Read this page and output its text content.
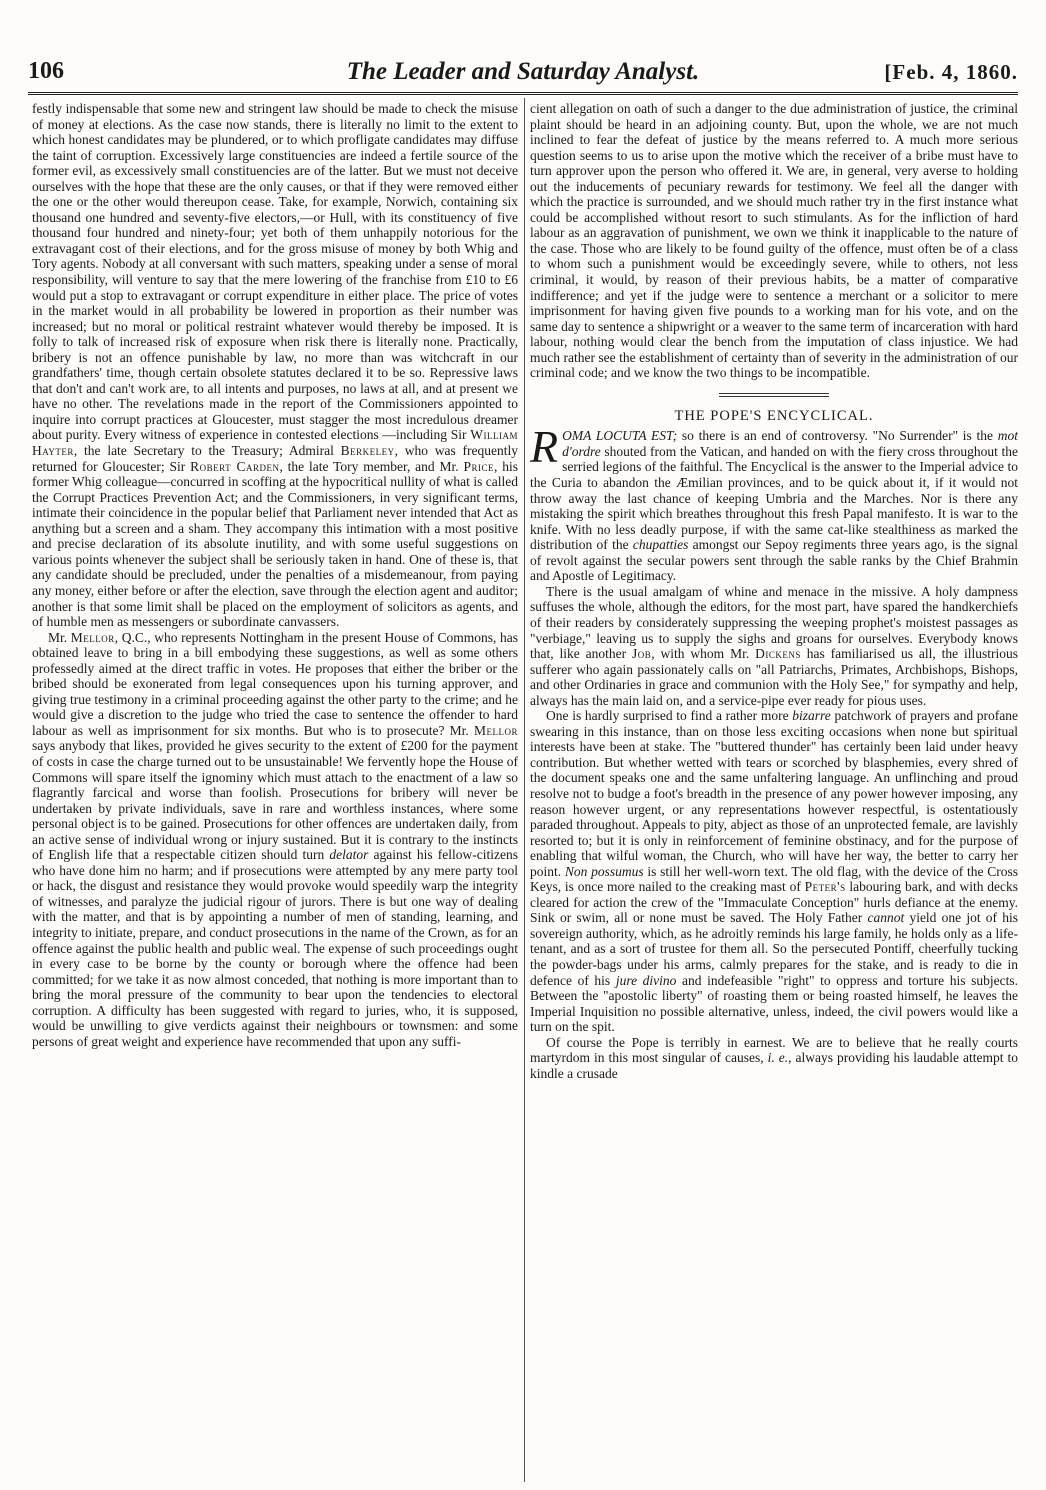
106	The Leader and Saturday Analyst.	[Feb. 4, 1860.

festly indispensable that some new and stringent law should be made to check the misuse of money at elections. As the case now stands, there is literally no limit to the extent to which honest candidates may be plundered, or to which profligate candidates may diffuse the taint of corruption. Excessively large constituencies are indeed a fertile source of the former evil, as excessively small constituencies are of the latter. But we must not deceive ourselves with the hope that these are the only causes, or that if they were removed either the one or the other would thereupon cease. Take, for example, Norwich, containing six thousand one hundred and seventy-five electors,—or Hull, with its constituency of five thousand four hundred and ninety-four; yet both of them unhappily notorious for the extravagant cost of their elections, and for the gross misuse of money by both Whig and Tory agents. Nobody at all conversant with such matters, speaking under a sense of moral responsibility, will venture to say that the mere lowering of the franchise from £10 to £6 would put a stop to extravagant or corrupt expenditure in either place. The price of votes in the market would in all probability be lowered in proportion as their number was increased; but no moral or political restraint whatever would thereby be imposed. It is folly to talk of increased risk of exposure when risk there is literally none. Practically, bribery is not an offence punishable by law, no more than was witchcraft in our grandfathers' time, though certain obsolete statutes declared it to be so. Repressive laws that don't and can't work are, to all intents and purposes, no laws at all, and at present we have no other. The revelations made in the report of the Commissioners appointed to inquire into corrupt practices at Gloucester, must stagger the most incredulous dreamer about purity. Every witness of experience in contested elections —including Sir William Hayter, the late Secretary to the Treasury; Admiral Berkeley, who was frequently returned for Gloucester; Sir Robert Carden, the late Tory member, and Mr. Price, his former Whig colleague—concurred in scoffing at the hypocritical nullity of what is called the Corrupt Practices Prevention Act; and the Commissioners, in very significant terms, intimate their coincidence in the popular belief that Parliament never intended that Act as anything but a screen and a sham. They accompany this intimation with a most positive and precise declaration of its absolute inutility, and with some useful suggestions on various points whenever the subject shall be seriously taken in hand. One of these is, that any candidate should be precluded, under the penalties of a misdemeanour, from paying any money, either before or after the election, save through the election agent and auditor; another is that some limit shall be placed on the employment of solicitors as agents, and of humble men as messengers or subordinate canvassers.

Mr. Mellor, Q.C., who represents Nottingham in the present House of Commons, has obtained leave to bring in a bill embodying these suggestions, as well as some others professedly aimed at the direct traffic in votes. He proposes that either the briber or the bribed should be exonerated from legal consequences upon his turning approver, and giving true testimony in a criminal proceeding against the other party to the crime; and he would give a discretion to the judge who tried the case to sentence the offender to hard labour as well as imprisonment for six months. But who is to prosecute? Mr. Mellor says anybody that likes, provided he gives security to the extent of £200 for the payment of costs in case the charge turned out to be unsustainable! We fervently hope the House of Commons will spare itself the ignominy which must attach to the enactment of a law so flagrantly farcical and worse than foolish. Prosecutions for bribery will never be undertaken by private individuals, save in rare and worthless instances, where some personal object is to be gained. Prosecutions for other offences are undertaken daily, from an active sense of individual wrong or injury sustained. But it is contrary to the instincts of English life that a respectable citizen should turn delator against his fellow-citizens who have done him no harm; and if prosecutions were attempted by any mere party tool or hack, the disgust and resistance they would provoke would speedily warp the integrity of witnesses, and paralyze the judicial rigour of jurors. There is but one way of dealing with the matter, and that is by appointing a number of men of standing, learning, and integrity to initiate, prepare, and conduct prosecutions in the name of the Crown, as for an offence against the public health and public weal. The expense of such proceedings ought in every case to be borne by the county or borough where the offence had been committed; for we take it as now almost conceded, that nothing is more important than to bring the moral pressure of the community to bear upon the tendencies to electoral corruption. A difficulty has been suggested with regard to juries, who, it is supposed, would be unwilling to give verdicts against their neighbours or townsmen: and some persons of great weight and experience have recommended that upon any suffi-

cient allegation on oath of such a danger to the due administration of justice, the criminal plaint should be heard in an adjoining county. But, upon the whole, we are not much inclined to fear the defeat of justice by the means referred to. A much more serious question seems to us to arise upon the motive which the receiver of a bribe must have to turn approver upon the person who offered it. We are, in general, very averse to holding out the inducements of pecuniary rewards for testimony. We feel all the danger with which the practice is surrounded, and we should much rather try in the first instance what could be accomplished without resort to such stimulants. As for the infliction of hard labour as an aggravation of punishment, we own we think it inapplicable to the nature of the case. Those who are likely to be found guilty of the offence, must often be of a class to whom such a punishment would be exceedingly severe, while to others, not less criminal, it would, by reason of their previous habits, be a matter of comparative indifference; and yet if the judge were to sentence a merchant or a solicitor to mere imprisonment for having given five pounds to a working man for his vote, and on the same day to sentence a shipwright or a weaver to the same term of incarceration with hard labour, nothing would clear the bench from the imputation of class injustice. We had much rather see the establishment of certainty than of severity in the administration of our criminal code; and we know the two things to be incompatible.

THE POPE'S ENCYCLICAL.

ROMA LOCUTA EST; so there is an end of controversy. "No Surrender" is the mot d'ordre shouted from the Vatican, and handed on with the fiery cross throughout the serried legions of the faithful. The Encyclical is the answer to the Imperial advice to the Curia to abandon the Æmilian provinces, and to be quick about it, if it would not throw away the last chance of keeping Umbria and the Marches. Nor is there any mistaking the spirit which breathes throughout this fresh Papal manifesto. It is war to the knife. With no less deadly purpose, if with the same cat-like stealthiness as marked the distribution of the chupatties amongst our Sepoy regiments three years ago, is the signal of revolt against the secular powers sent through the sable ranks by the Chief Brahmin and Apostle of Legitimacy.

There is the usual amalgam of whine and menace in the missive. A holy dampness suffuses the whole, although the editors, for the most part, have spared the handkerchiefs of their readers by considerately suppressing the weeping prophet's moistest passages as "verbiage," leaving us to supply the sighs and groans for ourselves. Everybody knows that, like another Job, with whom Mr. Dickens has familiarised us all, the illustrious sufferer who again passionately calls on "all Patriarchs, Primates, Archbishops, Bishops, and other Ordinaries in grace and communion with the Holy See," for sympathy and help, always has the main laid on, and a service-pipe ever ready for pious uses.

One is hardly surprised to find a rather more bizarre patchwork of prayers and profane swearing in this instance, than on those less exciting occasions when none but spiritual interests have been at stake. The "buttered thunder" has certainly been laid under heavy contribution. But whether wetted with tears or scorched by blasphemies, every shred of the document speaks one and the same unfaltering language. An unflinching and proud resolve not to budge a foot's breadth in the presence of any power however imposing, any reason however urgent, or any representations however respectful, is ostentatiously paraded throughout. Appeals to pity, abject as those of an unprotected female, are lavishly resorted to; but it is only in reinforcement of feminine obstinacy, and for the purpose of enabling that wilful woman, the Church, who will have her way, the better to carry her point. Non possumus is still her well-worn text. The old flag, with the device of the Cross Keys, is once more nailed to the creaking mast of Peter's labouring bark, and with decks cleared for action the crew of the "Immaculate Conception" hurls defiance at the enemy. Sink or swim, all or none must be saved. The Holy Father cannot yield one jot of his sovereign authority, which, as he adroitly reminds his large family, he holds only as a life-tenant, and as a sort of trustee for them all. So the persecuted Pontiff, cheerfully tucking the powder-bags under his arms, calmly prepares for the stake, and is ready to die in defence of his jure divino and indefeasible "right" to oppress and torture his subjects. Between the "apostolic liberty" of roasting them or being roasted himself, he leaves the Imperial Inquisition no possible alternative, unless, indeed, the civil powers would like a turn on the spit.

Of course the Pope is terribly in earnest. We are to believe that he really courts martyrdom in this most singular of causes, i. e., always providing his laudable attempt to kindle a crusade
